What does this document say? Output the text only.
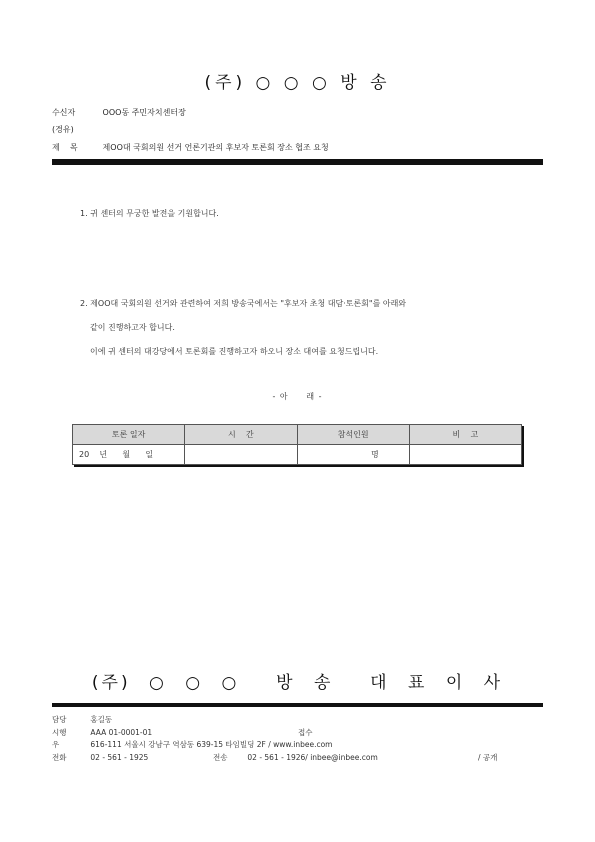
(주) ○ ○ ○ 방 송
수신자	OOO동 주민자치센터장
(경유)
제    목	제OO대 국회의원 선거 언론기관의 후보자 토론회 장소 협조 요청
1. 귀 센터의 무궁한 발전을 기원합니다.
2. 제OO대 국회의원 선거와 관련하여 저희 방송국에서는 "후보자 초청 대담·토론회"를 아래와
같이 진행하고자 합니다.
이에 귀 센터의 대강당에서 토론회를 진행하고자 하오니 장소 대여를 요청드립니다.
- 아     래 -
토론 일자	시    간	참석인원	비    고
20    년      월      일		명	
(주) ○ ○ ○  방 송  대 표 이 사
담당	홍길동
시행	AAA 01-0001-01	접수
우	616-111 서울시 강남구 역삼동 639-15 타임빌딩 2F / www.inbee.com
전화	02 - 561 - 1925	전송	02 - 561 - 1926/ inbee@inbee.com	/ 공개
